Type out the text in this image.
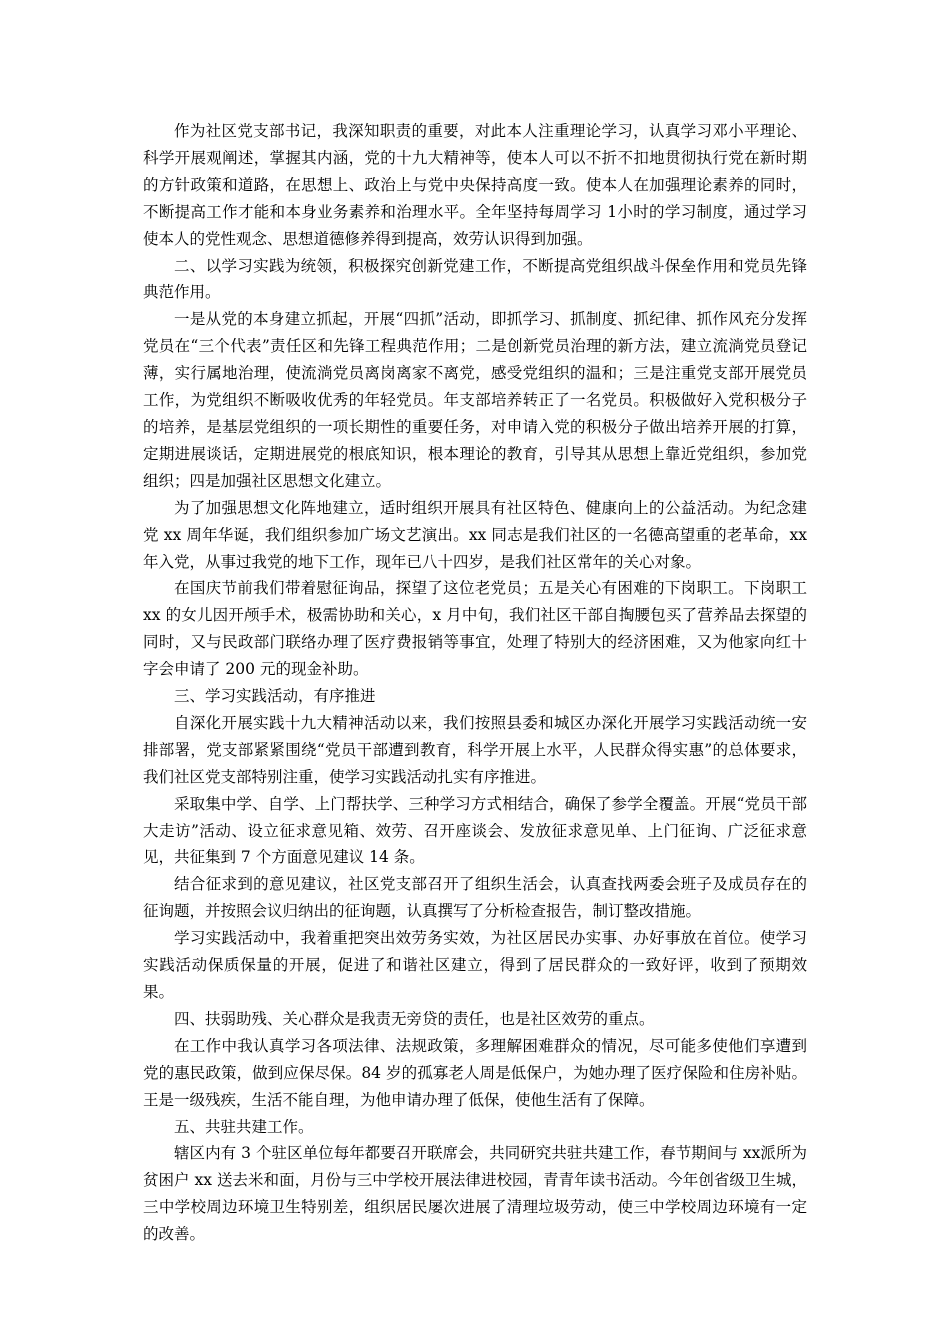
作为社区党支部书记，我深知职责的重要，对此本人注重理论学习，认真学习邓小平理论、科学开展观阐述，掌握其内涵，党的十九大精神等，使本人可以不折不扣地贯彻执行党在新时期的方针政策和道路，在思想上、政治上与党中央保持高度一致。使本人在加强理论素养的同时，不断提高工作才能和本身业务素养和治理水平。全年坚持每周学习 1小时的学习制度，通过学习使本人的党性观念、思想道德修养得到提高，效劳认识得到加强。

二、以学习实践为统领，积极探究创新党建工作，不断提高党组织战斗保垒作用和党员先锋典范作用。

一是从党的本身建立抓起，开展“四抓”活动，即抓学习、抓制度、抓纪律、抓作风充分发挥党员在“三个代表”责任区和先锋工程典范作用；二是创新党员治理的新方法，建立流淌党员登记薄，实行属地治理，使流淌党员离岗离家不离党，感受党组织的温和；三是注重党支部开展党员工作，为党组织不断吸收优秀的年轻党员。年支部培养转正了一名党员。积极做好入党积极分子的培养，是基层党组织的一项长期性的重要任务，对申请入党的积极分子做出培养开展的打算，定期进展谈话，定期进展党的根底知识，根本理论的教育，引导其从思想上靠近党组织，参加党组织；四是加强社区思想文化建立。

为了加强思想文化阵地建立，适时组织开展具有社区特色、健康向上的公益活动。为纪念建党 xx 周年华诞，我们组织参加广场文艺演出。xx 同志是我们社区的一名德高望重的老革命，xx 年入党，从事过我党的地下工作，现年已八十四岁，是我们社区常年的关心对象。

在国庆节前我们带着慰征询品，探望了这位老党员；五是关心有困难的下岗职工。下岗职工 xx 的女儿因开颅手术，极需协助和关心，x 月中旬，我们社区干部自掏腰包买了营养品去探望的同时，又与民政部门联络办理了医疗费报销等事宜，处理了特别大的经济困难，又为他家向红十字会申请了 200 元的现金补助。

三、学习实践活动，有序推进

自深化开展实践十九大精神活动以来，我们按照县委和城区办深化开展学习实践活动统一安排部署，党支部紧紧围绕“党员干部遭到教育，科学开展上水平，人民群众得实惠”的总体要求，我们社区党支部特别注重，使学习实践活动扎实有序推进。

采取集中学、自学、上门帮扶学、三种学习方式相结合，确保了参学全覆盖。开展“党员干部大走访”活动、设立征求意见箱、效劳、召开座谈会、发放征求意见单、上门征询、广泛征求意见，共征集到 7 个方面意见建议 14 条。

结合征求到的意见建议，社区党支部召开了组织生活会，认真查找两委会班子及成员存在的征询题，并按照会议归纳出的征询题，认真撰写了分析检查报告，制订整改措施。

学习实践活动中，我着重把突出效劳务实效，为社区居民办实事、办好事放在首位。使学习实践活动保质保量的开展，促进了和谐社区建立，得到了居民群众的一致好评，收到了预期效果。

四、扶弱助残、关心群众是我责无旁贷的责任，也是社区效劳的重点。

在工作中我认真学习各项法律、法规政策，多理解困难群众的情况，尽可能多使他们享遭到党的惠民政策，做到应保尽保。84 岁的孤寡老人周是低保户，为她办理了医疗保险和住房补贴。王是一级残疾，生活不能自理，为他申请办理了低保，使他生活有了保障。

五、共驻共建工作。

辖区内有 3 个驻区单位每年都要召开联席会，共同研究共驻共建工作，春节期间与 xx派所为贫困户 xx 送去米和面，月份与三中学校开展法律进校园，青青年读书活动。今年创省级卫生城，三中学校周边环境卫生特别差，组织居民屡次进展了清理垃圾劳动，使三中学校周边环境有一定的改善。
